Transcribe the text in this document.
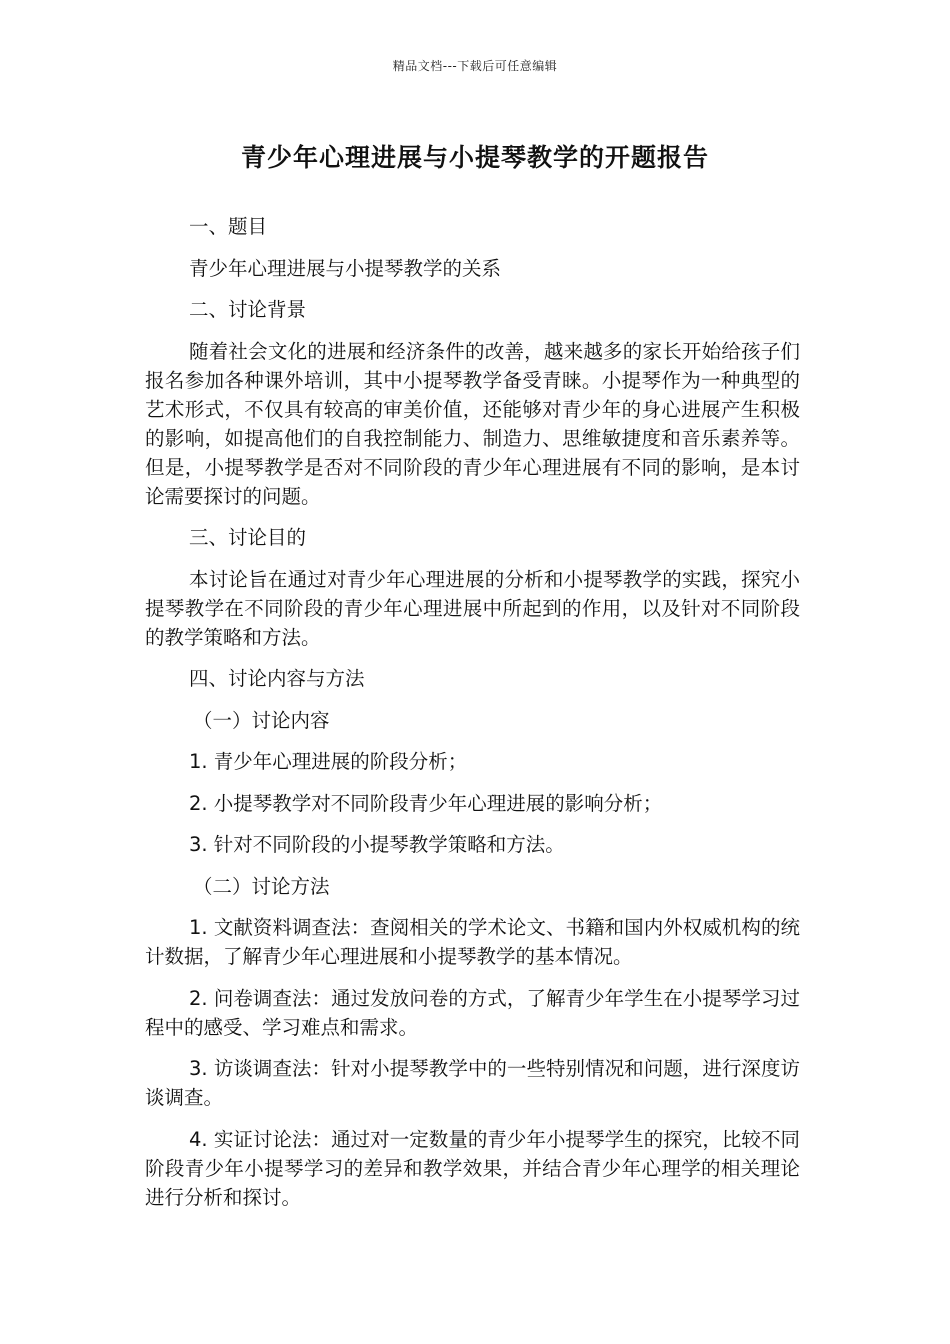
精品文档---下载后可任意编辑
青少年心理进展与小提琴教学的开题报告

一、题目

青少年心理进展与小提琴教学的关系

二、讨论背景

随着社会文化的进展和经济条件的改善，越来越多的家长开始给孩子们报名参加各种课外培训，其中小提琴教学备受青睐。小提琴作为一种典型的艺术形式，不仅具有较高的审美价值，还能够对青少年的身心进展产生积极的影响，如提高他们的自我控制能力、制造力、思维敏捷度和音乐素养等。但是，小提琴教学是否对不同阶段的青少年心理进展有不同的影响，是本讨论需要探讨的问题。

三、讨论目的

本讨论旨在通过对青少年心理进展的分析和小提琴教学的实践，探究小提琴教学在不同阶段的青少年心理进展中所起到的作用，以及针对不同阶段的教学策略和方法。

四、讨论内容与方法

（一）讨论内容

1. 青少年心理进展的阶段分析；

2. 小提琴教学对不同阶段青少年心理进展的影响分析；

3. 针对不同阶段的小提琴教学策略和方法。

（二）讨论方法

1. 文献资料调查法：查阅相关的学术论文、书籍和国内外权威机构的统计数据，了解青少年心理进展和小提琴教学的基本情况。

2. 问卷调查法：通过发放问卷的方式，了解青少年学生在小提琴学习过程中的感受、学习难点和需求。

3. 访谈调查法：针对小提琴教学中的一些特别情况和问题，进行深度访谈调查。

4. 实证讨论法：通过对一定数量的青少年小提琴学生的探究，比较不同阶段青少年小提琴学习的差异和教学效果，并结合青少年心理学的相关理论进行分析和探讨。
